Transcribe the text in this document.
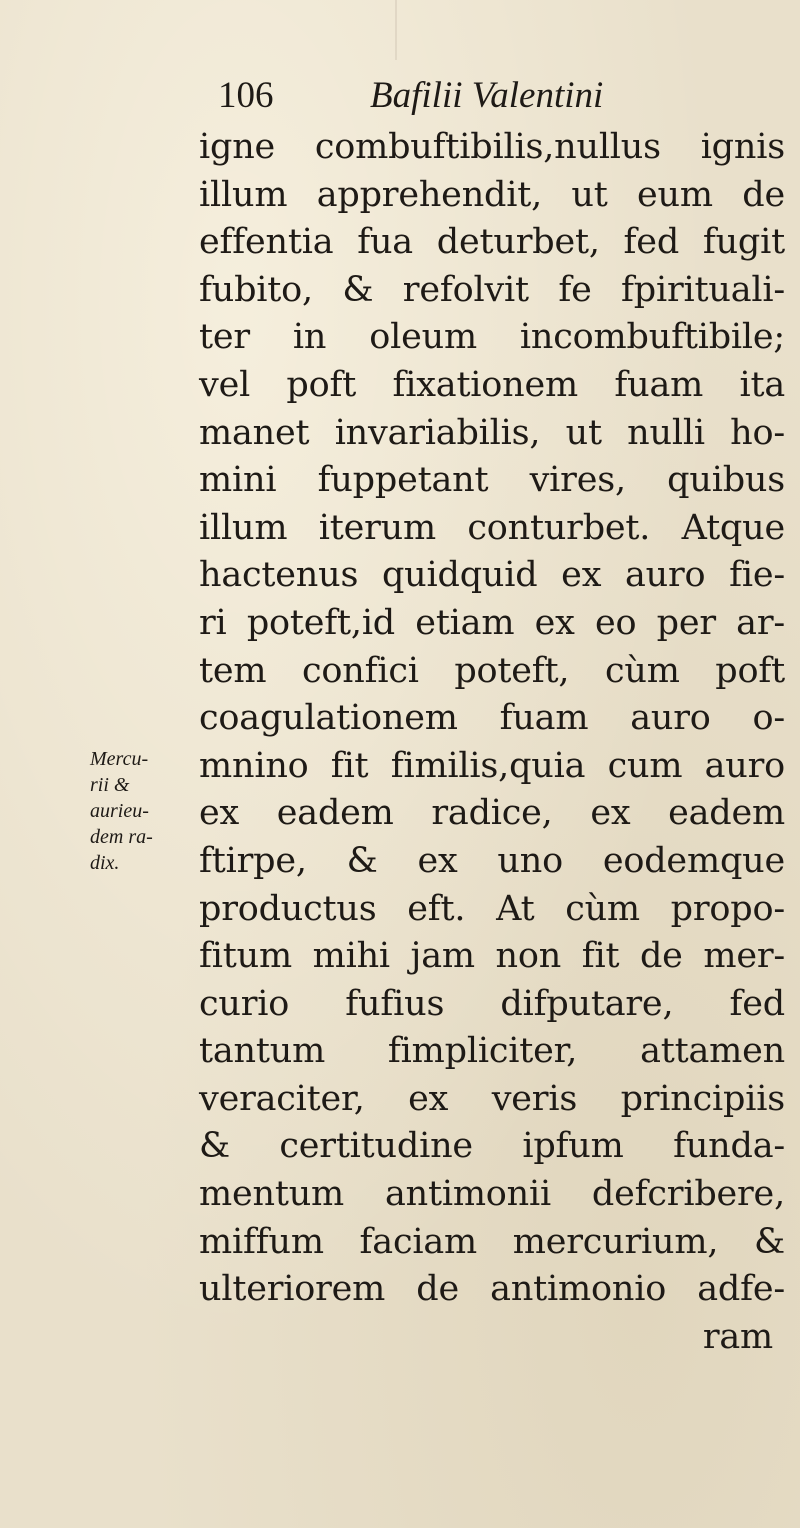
106	Bafilii Valentini
Mercu-
rii &
aurieu-
dem ra-
dix.
igne combuftibilis,nullus ignis
illum apprehendit, ut eum de
effentia fua deturbet, fed fugit
fubito, & refolvit fe fpirituali-
ter in oleum incombuftibile;
vel poft fixationem fuam ita
manet invariabilis, ut nulli ho-
mini fuppetant vires, quibus
illum iterum conturbet. Atque
hactenus quidquid ex auro fie-
ri poteft,id etiam ex eo per ar-
tem confici poteft, cùm poft
coagulationem fuam auro o-
mnino fit fimilis,quia cum auro
ex eadem radice, ex eadem
ftirpe, & ex uno eodemque
productus eft. At cùm propo-
fitum mihi jam non fit de mer-
curio fufius difputare, fed
tantum fimpliciter, attamen
veraciter, ex veris principiis
& certitudine ipfum funda-
mentum antimonii defcribere,
miffum faciam mercurium, &
ulteriorem de antimonio adfe-
ram
